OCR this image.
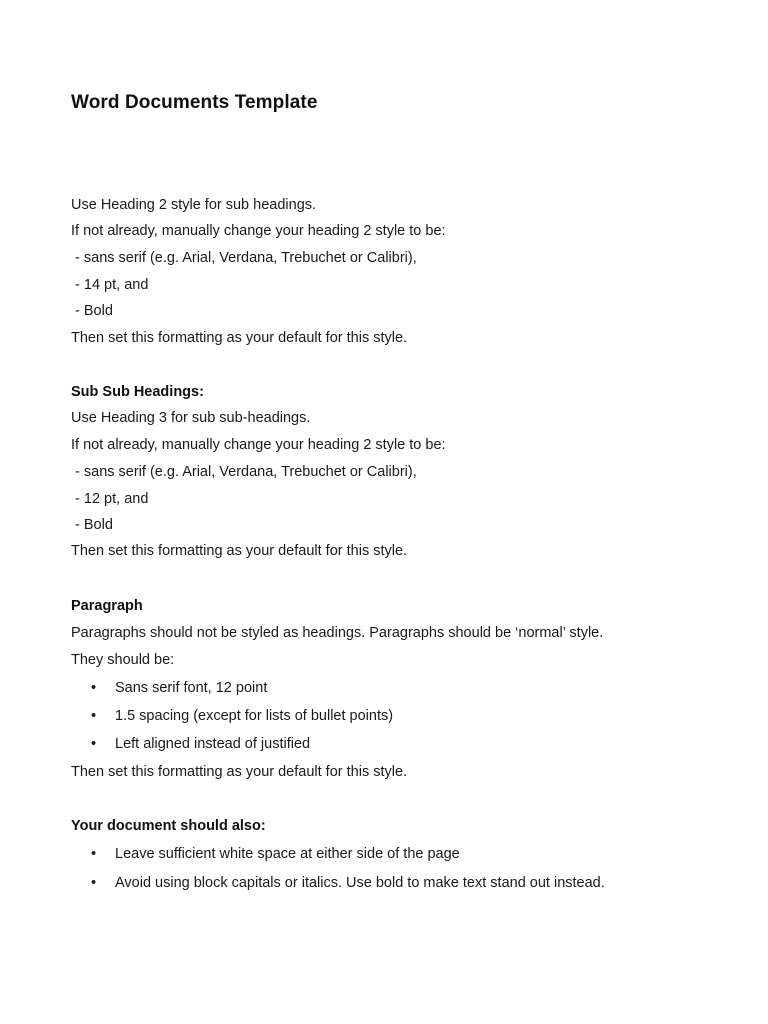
Word Documents Template
Use Heading 2 style for sub headings.
If not already, manually change your heading 2 style to be:
- sans serif (e.g. Arial, Verdana, Trebuchet or Calibri),
- 14 pt, and
- Bold
Then set this formatting as your default for this style.
Sub Sub Headings:
Use Heading 3 for sub sub-headings.
If not already, manually change your heading 2 style to be:
- sans serif (e.g. Arial, Verdana, Trebuchet or Calibri),
- 12 pt, and
- Bold
Then set this formatting as your default for this style.
Paragraph
Paragraphs should not be styled as headings. Paragraphs should be ‘normal’ style.
They should be:
• Sans serif font, 12 point
• 1.5 spacing (except for lists of bullet points)
• Left aligned instead of justified
Then set this formatting as your default for this style.
Your document should also:
• Leave sufficient white space at either side of the page
• Avoid using block capitals or italics. Use bold to make text stand out instead.
